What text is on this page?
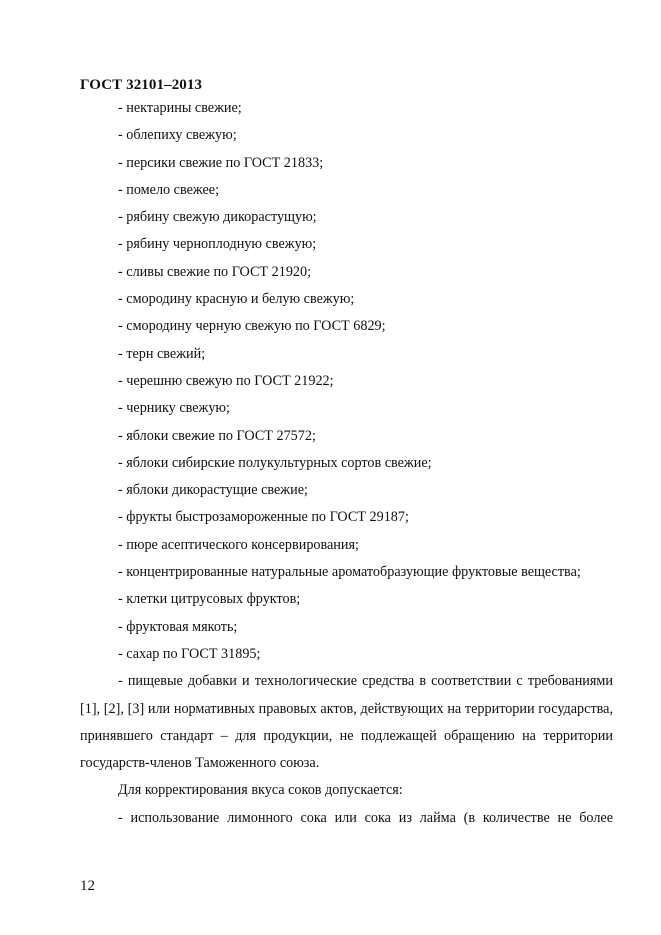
ГОСТ 32101–2013
- нектарины свежие;
- облепиху свежую;
- персики свежие по ГОСТ 21833;
- помело свежее;
- рябину свежую дикорастущую;
- рябину черноплодную свежую;
- сливы свежие по ГОСТ 21920;
- смородину красную и белую свежую;
- смородину черную свежую по ГОСТ 6829;
- терн свежий;
- черешню свежую по ГОСТ 21922;
- чернику свежую;
- яблоки свежие по ГОСТ 27572;
- яблоки сибирские полукультурных сортов свежие;
- яблоки дикорастущие свежие;
- фрукты быстрозамороженные по ГОСТ 29187;
- пюре асептического консервирования;
- концентрированные натуральные ароматобразующие фруктовые вещества;
- клетки цитрусовых фруктов;
- фруктовая мякоть;
- сахар по ГОСТ 31895;
- пищевые добавки и технологические средства в соответствии с требованиями [1], [2], [3] или нормативных правовых актов, действующих на территории государства, принявшего стандарт – для продукции, не подлежащей обращению на территории государств-членов Таможенного союза.
Для корректирования вкуса соков допускается:
- использование лимонного сока или сока из лайма (в количестве не более
12
